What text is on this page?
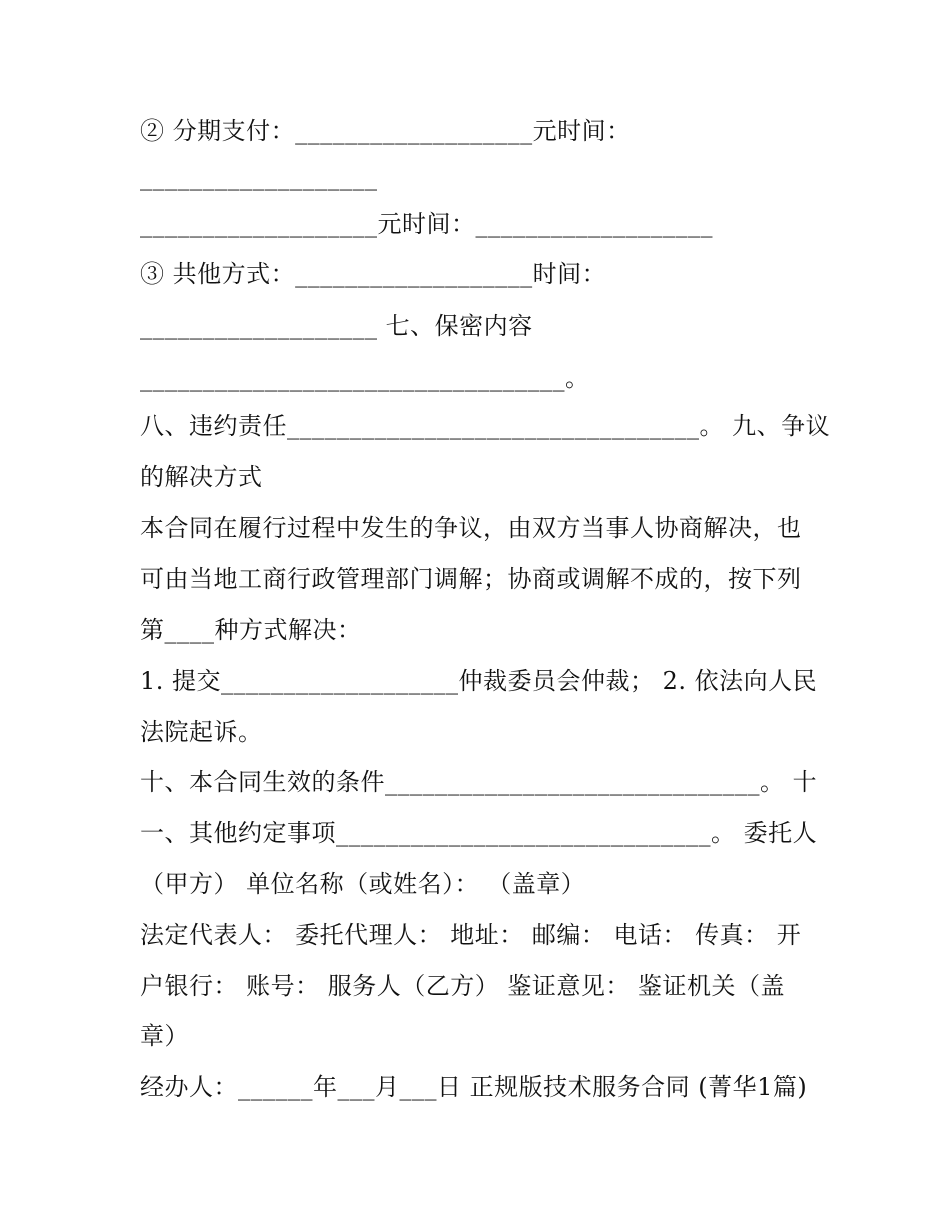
② 分期支付：___________________元时间：
___________________
___________________元时间：___________________
③ 共他方式：___________________时间：
___________________ 七、保密内容
__________________________________。
八、违约责任_________________________________。 九、争议
的解决方式
本合同在履行过程中发生的争议，由双方当事人协商解决，也
可由当地工商行政管理部门调解；协商或调解不成的，按下列
第____种方式解决：
1. 提交___________________仲裁委员会仲裁； 2. 依法向人民
法院起诉。
十、本合同生效的条件______________________________。 十
一、其他约定事项______________________________。 委托人
（甲方） 单位名称（或姓名）： （盖章）
法定代表人： 委托代理人： 地址： 邮编： 电话： 传真： 开
户银行： 账号： 服务人（乙方） 鉴证意见： 鉴证机关（盖
章）
经办人：______年___月___日 正规版技术服务合同 (菁华1篇)
